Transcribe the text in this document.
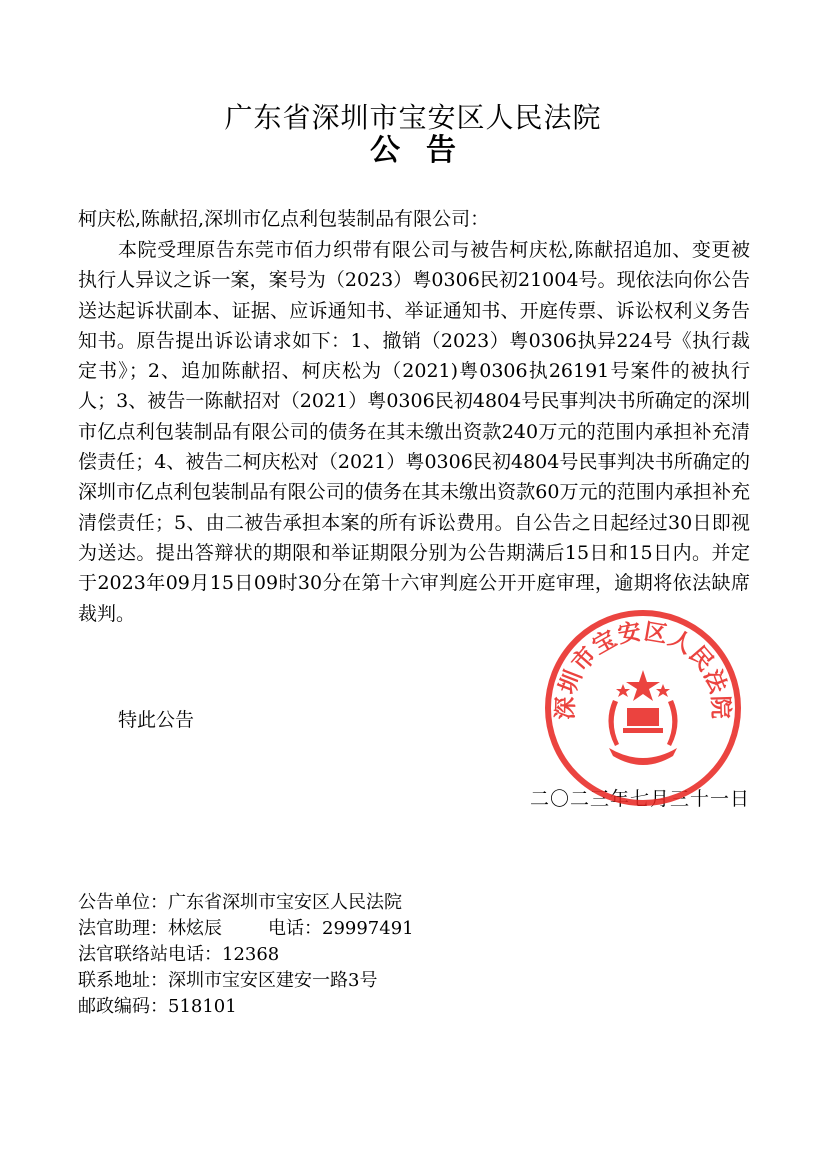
广东省深圳市宝安区人民法院
公告
柯庆松,陈献招,深圳市亿点利包装制品有限公司：

本院受理原告东莞市佰力织带有限公司与被告柯庆松,陈献招追加、变更被执行人异议之诉一案，案号为（2023）粤0306民初21004号。现依法向你公告送达起诉状副本、证据、应诉通知书、举证通知书、开庭传票、诉讼权利义务告知书。原告提出诉讼请求如下：1、撤销（2023）粤0306执异224号《执行裁定书》；2、追加陈献招、柯庆松为（2021)粤0306执26191号案件的被执行人；3、被告一陈献招对（2021）粤0306民初4804号民事判决书所确定的深圳市亿点利包装制品有限公司的债务在其未缴出资款240万元的范围内承担补充清偿责任；4、被告二柯庆松对（2021）粤0306民初4804号民事判决书所确定的深圳市亿点利包装制品有限公司的债务在其未缴出资款60万元的范围内承担补充清偿责任；5、由二被告承担本案的所有诉讼费用。自公告之日起经过30日即视为送达。提出答辩状的期限和举证期限分别为公告期满后15日和15日内。并定于2023年09月15日09时30分在第十六审判庭公开开庭审理，逾期将依法缺席裁判。

特此公告
二〇二三年七月三十一日
公告单位：广东省深圳市宝安区人民法院
法官助理：林炫辰	电话：29997491
法官联络站电话：12368
联系地址：深圳市宝安区建安一路3号
邮政编码：518101
深圳市宝安区人民法院
